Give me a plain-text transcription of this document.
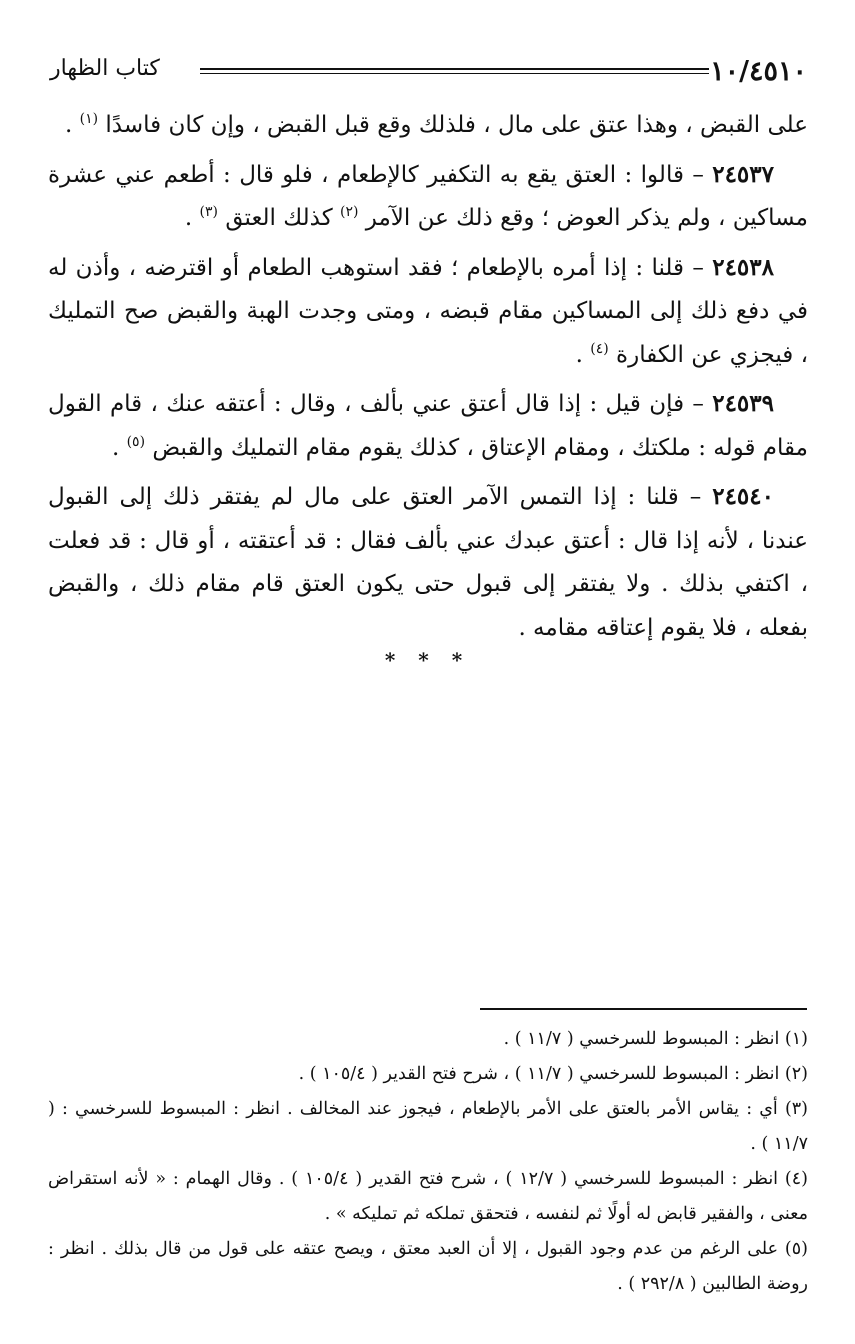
١٠/٤٥١٠
كتاب الظهار

على القبض ، وهذا عتق على مال ، فلذلك وقع قبل القبض ، وإن كان فاسدًا $^{(١)}$ .

٢٤٥٣٧ – قالوا : العتق يقع به التكفير كالإطعام ، فلو قال : أطعم عني عشرة مساكين ، ولم يذكر العوض ؛ وقع ذلك عن الآمر $^{(٢)}$ كذلك العتق $^{(٣)}$ .

٢٤٥٣٨ – قلنا : إذا أمره بالإطعام ؛ فقد استوهب الطعام أو اقترضه ، وأذن له في دفع ذلك إلى المساكين مقام قبضه ، ومتى وجدت الهبة والقبض صح التمليك ، فيجزي عن الكفارة $^{(٤)}$ .

٢٤٥٣٩ – فإن قيل : إذا قال أعتق عني بألف ، وقال : أعتقه عنك ، قام القول مقام قوله : ملكتك ، ومقام الإعتاق ، كذلك يقوم مقام التمليك والقبض $^{(٥)}$ .

٢٤٥٤٠ – قلنا : إذا التمس الآمر العتق على مال لم يفتقر ذلك إلى القبول عندنا ، لأنه إذا قال : أعتق عبدك عني بألف فقال : قد أعتقته ، أو قال : قد فعلت ، اكتفي بذلك . ولا يفتقر إلى قبول حتى يكون العتق قام مقام ذلك ، والقبض بفعله ، فلا يقوم إعتاقه مقامه .

* * *

(١) انظر : المبسوط للسرخسي ( ١١/٧ ) .

(٢) انظر : المبسوط للسرخسي ( ١١/٧ ) ، شرح فتح القدير ( ١٠٥/٤ ) .

(٣) أي : يقاس الأمر بالعتق على الأمر بالإطعام ، فيجوز عند المخالف . انظر : المبسوط للسرخسي : ( ١١/٧ ) .

(٤) انظر : المبسوط للسرخسي ( ١٢/٧ ) ، شرح فتح القدير ( ١٠٥/٤ ) . وقال الهمام : « لأنه استقراض معنى ، والفقير قابض له أولًا ثم لنفسه ، فتحقق تملكه ثم تمليكه » .

(٥) على الرغم من عدم وجود القبول ، إلا أن العبد معتق ، ويصح عتقه على قول من قال بذلك . انظر : روضة الطالبين ( ٢٩٢/٨ ) .
